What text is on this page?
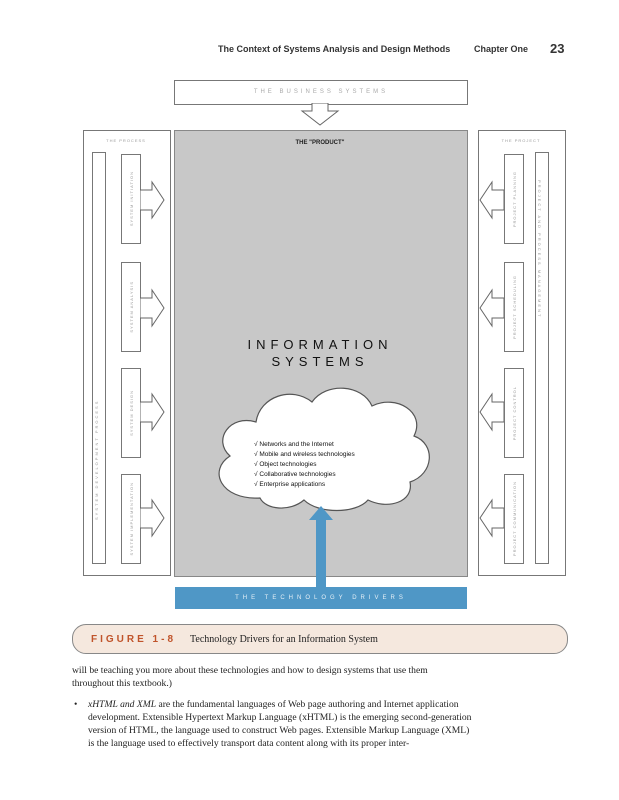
The Context of Systems Analysis and Design Methods	Chapter One 23
THE BUSINESS SYSTEMS
THE PROCESS
SYSTEM DEVELOPMENT PROCESS
SYSTEM INITIATION
SYSTEM ANALYSIS
SYSTEM DESIGN
SYSTEM IMPLEMENTATION
THE "PRODUCT"
INFORMATION
SYSTEMS
√ Networks and the Internet
√ Mobile and wireless technologies
√ Object technologies
√ Collaborative technologies
√ Enterprise applications
THE PROJECT
PROJECT AND PROCESS MANAGEMENT
PROJECT PLANNING
PROJECT SCHEDULING
PROJECT CONTROL
PROJECT COMMUNICATION
THE TECHNOLOGY DRIVERS
FIGURE 1-8 Technology Drivers for an Information System
will be teaching you more about these technologies and how to design systems that use them throughout this textbook.)
• xHTML and XML are the fundamental languages of Web page authoring and Internet application development. Extensible Hypertext Markup Language (xHTML) is the emerging second-generation version of HTML, the language used to construct Web pages. Extensible Markup Language (XML) is the language used to effectively transport data content along with its proper inter-
